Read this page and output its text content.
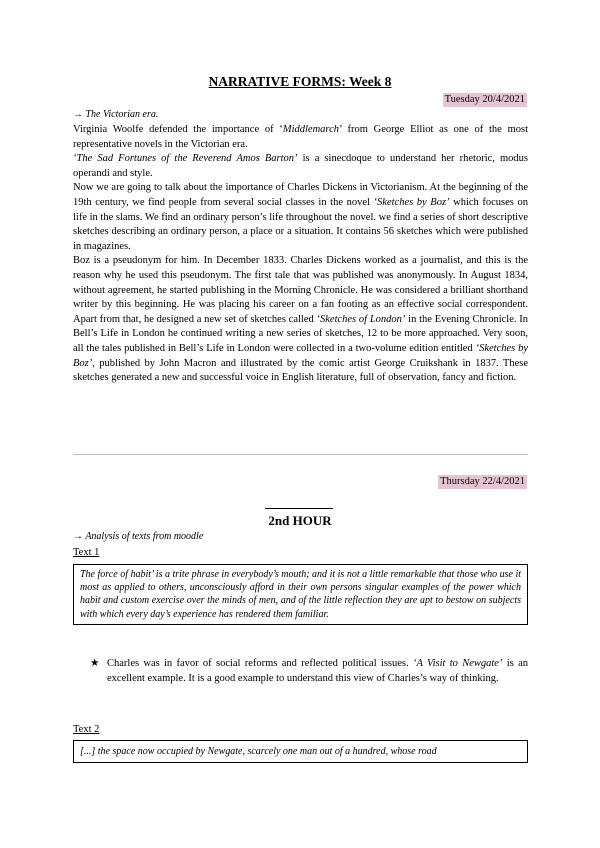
NARRATIVE FORMS: Week 8
Tuesday 20/4/2021
→ The Victorian era.

Virginia Woolfe defended the importance of ‘Middlemarch’ from George Elliot as one of the most representative novels in the Victorian era.

‘The Sad Fortunes of the Reverend Amos Barton’ is a sinecdoque to understand her rhetoric, modus operandi and style.

Now we are going to talk about the importance of Charles Dickens in Victorianism. At the beginning of the 19th century, we find people from several social classes in the novel ‘Sketches by Boz’ which focuses on life in the slams. We find an ordinary person’s life throughout the novel. we find a series of short descriptive sketches describing an ordinary person, a place or a situation. It contains 56 sketches which were published in magazines.

Boz is a pseudonym for him. In December 1833. Charles Dickens worked as a journalist, and this is the reason why he used this pseudonym. The first tale that was published was anonymously. In August 1834, without agreement, he started publishing in the Morning Chronicle. He was considered a brilliant shorthand writer by this beginning. He was placing his career on a fan footing as an effective social correspondent. Apart from that, he designed a new set of sketches called ‘Sketches of London’ in the Evening Chronicle. In Bell’s Life in London he continued writing a new series of sketches, 12 to be more approached. Very soon, all the tales published in Bell’s Life in London were collected in a two-volume edition entitled ‘Sketches by Boz’, published by John Macron and illustrated by the comic artist George Cruikshank in 1837. These sketches generated a new and successful voice in English literature, full of observation, fancy and fiction.

Thursday 22/4/2021
2nd HOUR
→ Analysis of texts from moodle
Text 1
The force of habit’ is a trite phrase in everybody’s mouth; and it is not a little remarkable that those who use it most as applied to others, unconsciously afford in their own persons singular examples of the power which habit and custom exercise over the minds of men, and of the little reflection they are apt to bestow on subjects with which every day’s experience has rendered them familiar.
★ Charles was in favor of social reforms and reflected political issues. ‘A Visit to Newgate’ is an excellent example. It is a good example to understand this view of Charles’s way of thinking.
Text 2
[...] the space now occupied by Newgate, scarcely one man out of a hundred, whose road
